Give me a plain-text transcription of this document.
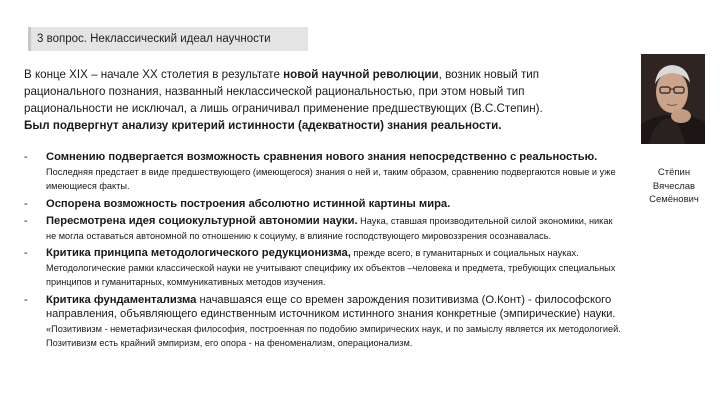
3 вопрос. Неклассический идеал научности
В конце XIX – начале XX столетия в результате новой научной революции, возник новый тип рационального познания, названный неклассической рациональностью, при этом новый тип рациональности не исключал, а лишь ограничивал применение предшествующих (В.С.Степин).
Был подвергнут анализу критерий истинности (адекватности) знания реальности.
- Сомнению подвергается возможность сравнения нового знания непосредственно с реальностью. Последняя предстает в виде предшествующего (имеющегося) знания о ней и, таким образом, сравнению подвергаются новые и уже имеющиеся факты.
- Оспорена возможность построения абсолютно истинной картины мира.
- Пересмотрена идея социокультурной автономии науки. Наука, ставшая производительной силой экономики, никак не могла оставаться автономной по отношению к социуму, в влияние господствующего мировоззрения осознавалась.
- Критика принципа методологического редукционизма, прежде всего, в гуманитарных и социальных науках. Методологические рамки классической науки не учитывают специфику их объектов –человека и предмета, требующих специальных принципов и гуманитарных, коммуникативных методов изучения.
- Критика фундаментализма начавшаяся еще со времен зарождения позитивизма (О.Конт) - философского направления, объявляющего единственным источником истинного знания конкретные (эмпирические) науки. «Позитивизм - неметафизическая философия, построенная по подобию эмпирических наук, и по замыслу является их методологией. Позитивизм есть крайний эмпиризм, его опора - на феноменализм, операционализм.
Стёпин
Вячеслав
Семёнович
